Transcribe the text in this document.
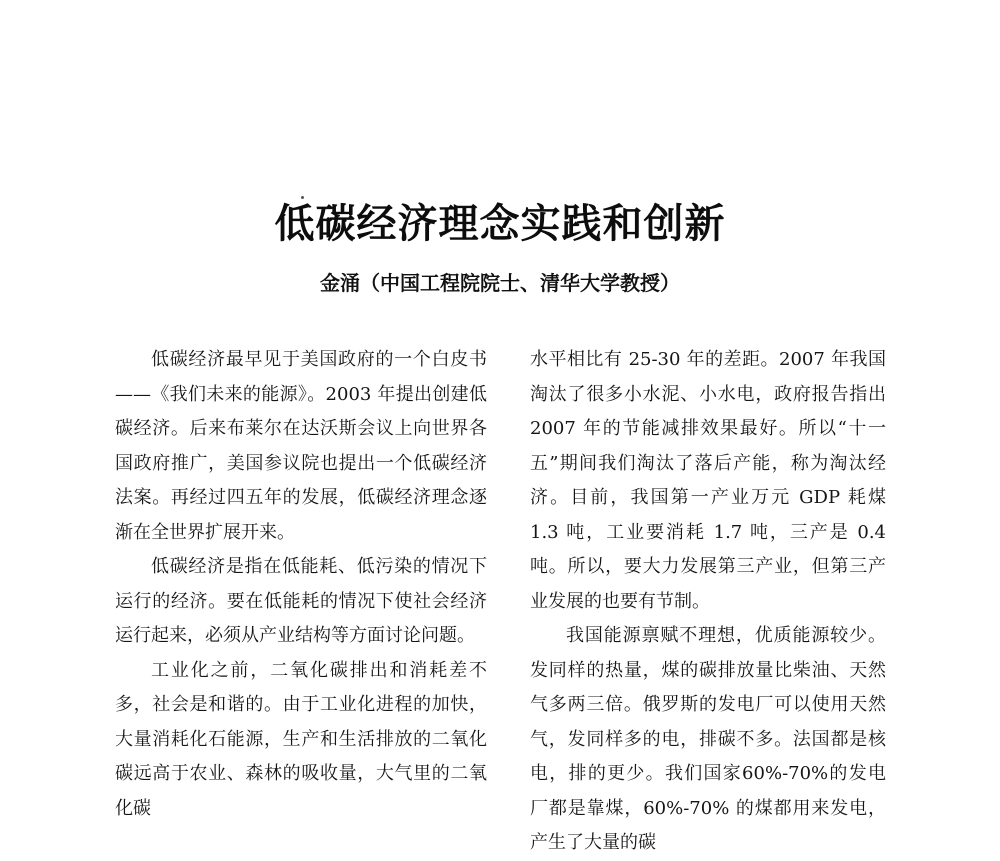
低碳经济理念实践和创新
金涌（中国工程院院士、清华大学教授）

低碳经济最早见于美国政府的一个白皮书——《我们未来的能源》。2003 年提出创建低碳经济。后来布莱尔在达沃斯会议上向世界各国政府推广，美国参议院也提出一个低碳经济法案。再经过四五年的发展，低碳经济理念逐渐在全世界扩展开来。

低碳经济是指在低能耗、低污染的情况下运行的经济。要在低能耗的情况下使社会经济运行起来，必须从产业结构等方面讨论问题。

工业化之前，二氧化碳排出和消耗差不多，社会是和谐的。由于工业化进程的加快，大量消耗化石能源，生产和生活排放的二氧化碳远高于农业、森林的吸收量，大气里的二氧化碳

水平相比有 25-30 年的差距。2007 年我国淘汰了很多小水泥、小水电，政府报告指出 2007 年的节能减排效果最好。所以“十一五”期间我们淘汰了落后产能，称为淘汰经济。目前，我国第一产业万元 GDP 耗煤 1.3 吨，工业要消耗 1.7 吨，三产是 0.4 吨。所以，要大力发展第三产业，但第三产业发展的也要有节制。

我国能源禀赋不理想，优质能源较少。发同样的热量，煤的碳排放量比柴油、天然气多两三倍。俄罗斯的发电厂可以使用天然气，发同样多的电，排碳不多。法国都是核电，排的更少。我们国家60%-70%的发电厂都是靠煤，60%-70% 的煤都用来发电，产生了大量的碳
